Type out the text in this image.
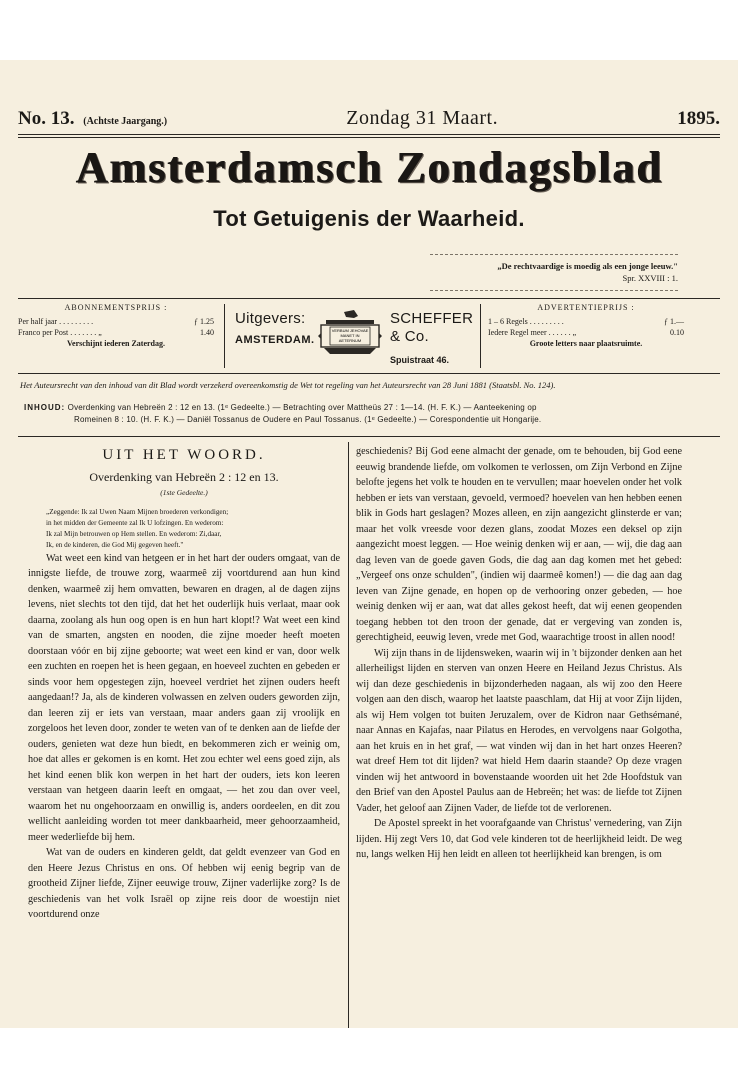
No. 13. (Achtste Jaargang.)	Zondag 31 Maart.	1895.
Amsterdamsch Zondagsblad
Tot Getuigenis der Waarheid.
„De rechtvaardige is moedig als een jonge leeuw."
Spr. XXVIII : 1.
ABONNEMENTSPRIJS :
Per half jaar . . . . . . . . .	ƒ 1.25
Franco per Post . . . . . . . „	1.40
Verschijnt iederen Zaterdag.
Uitgevers:
AMSTERDAM.
VERBUM JEHOVAE
MANET IN
AETERNUM
SCHEFFER & Co.
Spuistraat 46.
ADVERTENTIEPRIJS :
1 – 6 Regels . . . . . . . . .	ƒ 1.—
Iedere Regel meer . . . . . . „	0.10
Groote letters naar plaatsruimte.
Het Auteursrecht van den inhoud van dit Blad wordt verzekerd overeenkomstig de Wet tot regeling van het Auteursrecht van 28 Juni 1881 (Staatsbl. No. 124).
INHOUD: Overdenking van Hebreën 2 : 12 en 13. (1ᵉ Gedeelte.) — Betrachting over Mattheüs 27 : 1—14. (H. F. K.) — Aanteekening op
Romeinen 8 : 10. (H. F. K.) — Daniël Tossanus de Oudere en Paul Tossanus. (1ᵉ Gedeelte.) — Corespondentie uit Hongarije.
UIT HET WOORD.
Overdenking van Hebreën 2 : 12 en 13.
(1ste Gedeelte.)

„Zeggende: Ik zal Uwen Naam Mijnen broederen verkondigen;
in het midden der Gemeente zal Ik U lofzingen. En wederom:
Ik zal Mijn betrouwen op Hem stellen. En wederom: Zi,daar,
Ik, en de kinderen, die God Mij gegeven heeft."

Wat weet een kind van hetgeen er in het hart der ouders omgaat, van de innigste liefde, de trouwe zorg, waarmeê zij voortdurend aan hun kind denken, waarmeê zij hem omvatten, bewaren en dragen, al de dagen zijns levens, niet slechts tot den tijd, dat het het ouderlijk huis verlaat, maar ook daarna, zoolang als hun oog open is en hun hart klopt!? Wat weet een kind van de smarten, angsten en nooden, die zijne moeder heeft moeten doorstaan vóór en bij zijne geboorte; wat weet een kind er van, door welk een zuchten en roepen het is heen gegaan, en hoeveel zuchten en gebeden er sinds voor hem opgestegen zijn, hoeveel verdriet het zijnen ouders heeft aangedaan!? Ja, als de kinderen volwassen en zelven ouders geworden zijn, dan leeren zij er iets van verstaan, maar anders gaan zij vroolijk en zorgeloos het leven door, zonder te weten van of te denken aan de liefde der ouders, genieten wat deze hun biedt, en bekommeren zich er weinig om, hoe dat alles er gekomen is en komt. Het zou echter wel eens goed zijn, als het kind eenen blik kon werpen in het hart der ouders, iets kon leeren verstaan van hetgeen daarin leeft en omgaat, — het zou dan over veel, waarom het nu ongehoorzaam en onwillig is, anders oordeelen, en dit zou wellicht aanleiding worden tot meer dankbaarheid, meer gehoorzaamheid, meer wederliefde bij hem.

Wat van de ouders en kinderen geldt, dat geldt evenzeer van God en den Heere Jezus Christus en ons. Of hebben wij eenig begrip van de grootheid Zijner liefde, Zijner eeuwige trouw, Zijner vaderlijke zorg? Is de geschiedenis van het volk Israël op zijne reis door de woestijn niet voortdurend onze

geschiedenis? Bij God eene almacht der genade, om te behouden, bij God eene eeuwig brandende liefde, om volkomen te verlossen, om Zijn Verbond en Zijne belofte jegens het volk te houden en te vervullen; maar hoevelen onder het volk hebben er iets van verstaan, gevoeld, vermoed? hoevelen van hen hebben eenen blik in Gods hart geslagen? Mozes alleen, en zijn aangezicht glinsterde er van; maar het volk vreesde voor dezen glans, zoodat Mozes een deksel op zijn aangezicht moest leggen. — Hoe weinig denken wij er aan, — wij, die dag aan dag leven van de goede gaven Gods, die dag aan dag komen met het gebed: „Vergeef ons onze schulden", (indien wij daarmeê komen!) — die dag aan dag leven van Zijne genade, en hopen op de verhooring onzer gebeden, — hoe weinig denken wij er aan, wat dat alles gekost heeft, dat wij eenen geopenden toegang hebben tot den troon der genade, dat er vergeving van zonden is, gerechtigheid, eeuwig leven, vrede met God, waarachtige troost in allen nood!

Wij zijn thans in de lijdensweken, waarin wij in 't bijzonder denken aan het allerheiligst lijden en sterven van onzen Heere en Heiland Jezus Christus. Als wij dan deze geschiedenis in bijzonderheden nagaan, als wij zoo den Heere volgen aan den disch, waarop het laatste paaschlam, dat Hij at voor Zijn lijden, als wij Hem volgen tot buiten Jeruzalem, over de Kidron naar Gethsémané, naar Annas en Kajafas, naar Pilatus en Herodes, en vervolgens naar Golgotha, aan het kruis en in het graf, — wat vinden wij dan in het hart onzes Heeren? wat dreef Hem tot dit lijden? wat hield Hem daarin staande? Op deze vragen vinden wij het antwoord in bovenstaande woorden uit het 2de Hoofdstuk van den Brief van den Apostel Paulus aan de Hebreën; het was: de liefde tot Zijnen Vader, het geloof aan Zijnen Vader, de liefde tot de verlorenen.

De Apostel spreekt in het voorafgaande van Christus' vernedering, van Zijn lijden. Hij zegt Vers 10, dat God vele kinderen tot de heerlijkheid leidt. De weg nu, langs welken Hij hen leidt en alleen tot heerlijkheid kan brengen, is om
